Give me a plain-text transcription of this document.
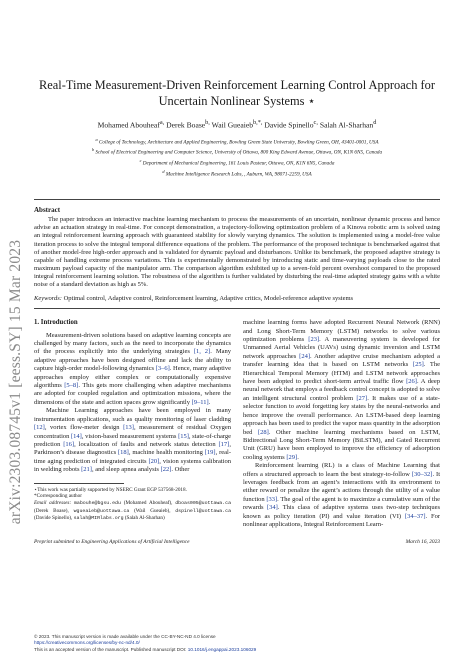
arXiv:2303.08745v1 [eess.SY] 15 Mar 2023
Real-Time Measurement-Driven Reinforcement Learning Control Approach for Uncertain Nonlinear Systems ⋆
Mohamed Abouheaf$^{a,}$ Derek Boase$^{b,}$ Wail Gueaieb$^{b,*,}$ Davide Spinello$^{c,}$ Salah Al-Sharhan$^d$
$^a$ College of Technology, Architecture and Applied Engineering, Bowling Green State University, Bowling Green, OH, 43401-0001, USA
$^b$ School of Electrical Engineering and Computer Science, University of Ottawa, 800 King Edward Avenue, Ottawa, ON, K1N 6N5, Canada
$^c$ Department of Mechanical Engineering, 161 Louis Pasteur, Ottawa, ON, K1N 6N5, Canada
$^d$ Machine Intelligence Research Labs, , Auburn, WA, 98071-2259, USA
Abstract

The paper introduces an interactive machine learning mechanism to process the measurements of an uncertain, nonlinear dynamic process and hence advise an actuation strategy in real-time. For concept demonstration, a trajectory-following optimization problem of a Kinova robotic arm is solved using an integral reinforcement learning approach with guaranteed stability for slowly varying dynamics. The solution is implemented using a model-free value iteration process to solve the integral temporal difference equations of the problem. The performance of the proposed technique is benchmarked against that of another model-free high-order approach and is validated for dynamic payload and disturbances. Unlike its benchmark, the proposed adaptive strategy is capable of handling extreme process variations. This is experimentally demonstrated by introducing static and time-varying payloads close to the rated maximum payload capacity of the manipulator arm. The comparison algorithm exhibited up to a seven-fold percent overshoot compared to the proposed integral reinforcement learning solution. The robustness of the algorithm is further validated by disturbing the real-time adapted strategy gains with a white noise of a standard deviation as high as 5%.

Keywords: Optimal control, Adaptive control, Reinforcement learning, Adaptive critics, Model-reference adaptive systems
1. Introduction

Measurement-driven solutions based on adaptive learning concepts are challenged by many factors, such as the need to incorporate the dynamics of the process explicitly into the underlying strategies [1, 2]. Many adaptive approaches have been designed offline and lack the ability to capture high-order model-following dynamics [3–6]. Hence, many adaptive approaches employ either complex or computationally expensive algorithms [5–8]. This gets more challenging when adaptive mechanisms are adopted for coupled regulation and optimization missions, where the dimensions of the state and action spaces grow significantly [9–11].

Machine Learning approaches have been employed in many instrumentation applications, such as quality monitoring of laser cladding [12], vortex flow-meter design [13], measurement of residual Oxygen concentration [14], vision-based measurement systems [15], state-of-charge prediction [16], localization of faults and network status detection [17], Parkinson’s disease diagnostics [18], machine health monitoring [19], real-time aging prediction of integrated circuits [20], vision systems calibration in welding robots [21], and sleep apnea analysis [22]. Other

⋆This work was partially supported by NSERC Grant EGP 537568-2018.
*Corresponding author
Email addresses: mabouhe@bgsu.edu (Mohamed Abouheaf), dboas005@uottawa.ca (Derek Boase), wgueaieb@uottawa.ca (Wail Gueaieb), dspinell@uottawa.ca (Davide Spinello), salah@MIRlabs.org (Salah Al-Sharhan)

machine learning forms have adopted Recurrent Neural Network (RNN) and Long Short-Term Memory (LSTM) networks to solve various optimization problems [23]. A maneuvering system is developed for Unmanned Aerial Vehicles (UAVs) using dynamic inversion and LSTM network approaches [24]. Another adaptive cruise mechanism adopted a transfer learning idea that is based on LSTM networks [25]. The Hierarchical Temporal Memory (HTM) and LSTM network approaches have been adopted to predict short-term arrival traffic flow [26]. A deep neural network that employs a feedback control concept is adopted to solve an intelligent structural control problem [27]. It makes use of a state-selector function to avoid forgetting key states by the neural-networks and hence improve the overall performance. An LSTM-based deep learning approach has been used to predict the vapor mass quantity in the adsorption bed [28]. Other machine learning mechanisms based on LSTM, Bidirectional Long Short-Term Memory (BiLSTM), and Gated Recurrent Unit (GRU) have been employed to improve the efficiency of adsorption cooling systems [29].

Reinforcement learning (RL) is a class of Machine Learning that offers a structured approach to learn the best strategy-to-follow [30–32]. It leverages feedback from an agent’s interactions with its environment to either reward or penalize the agent’s actions through the utility of a value function [33]. The goal of the agent is to maximize a cumulative sum of the rewards [34]. This class of adaptive systems uses two-step techniques known as policy iteration (PI) and value iteration (VI) [34–37]. For nonlinear applications, Integral Reinforcement Learn-

Preprint submitted to Engineering Applications of Artificial Intelligence	March 16, 2023
© 2023. This manuscript version is made available under the CC-BY-NC-ND 4.0 license
https://creativecommons.org/licenses/by-nc-nd/4.0/
This is an accepted version of the manuscript. Published manuscript DOI: 10.1016/j.engappai.2023.106029
